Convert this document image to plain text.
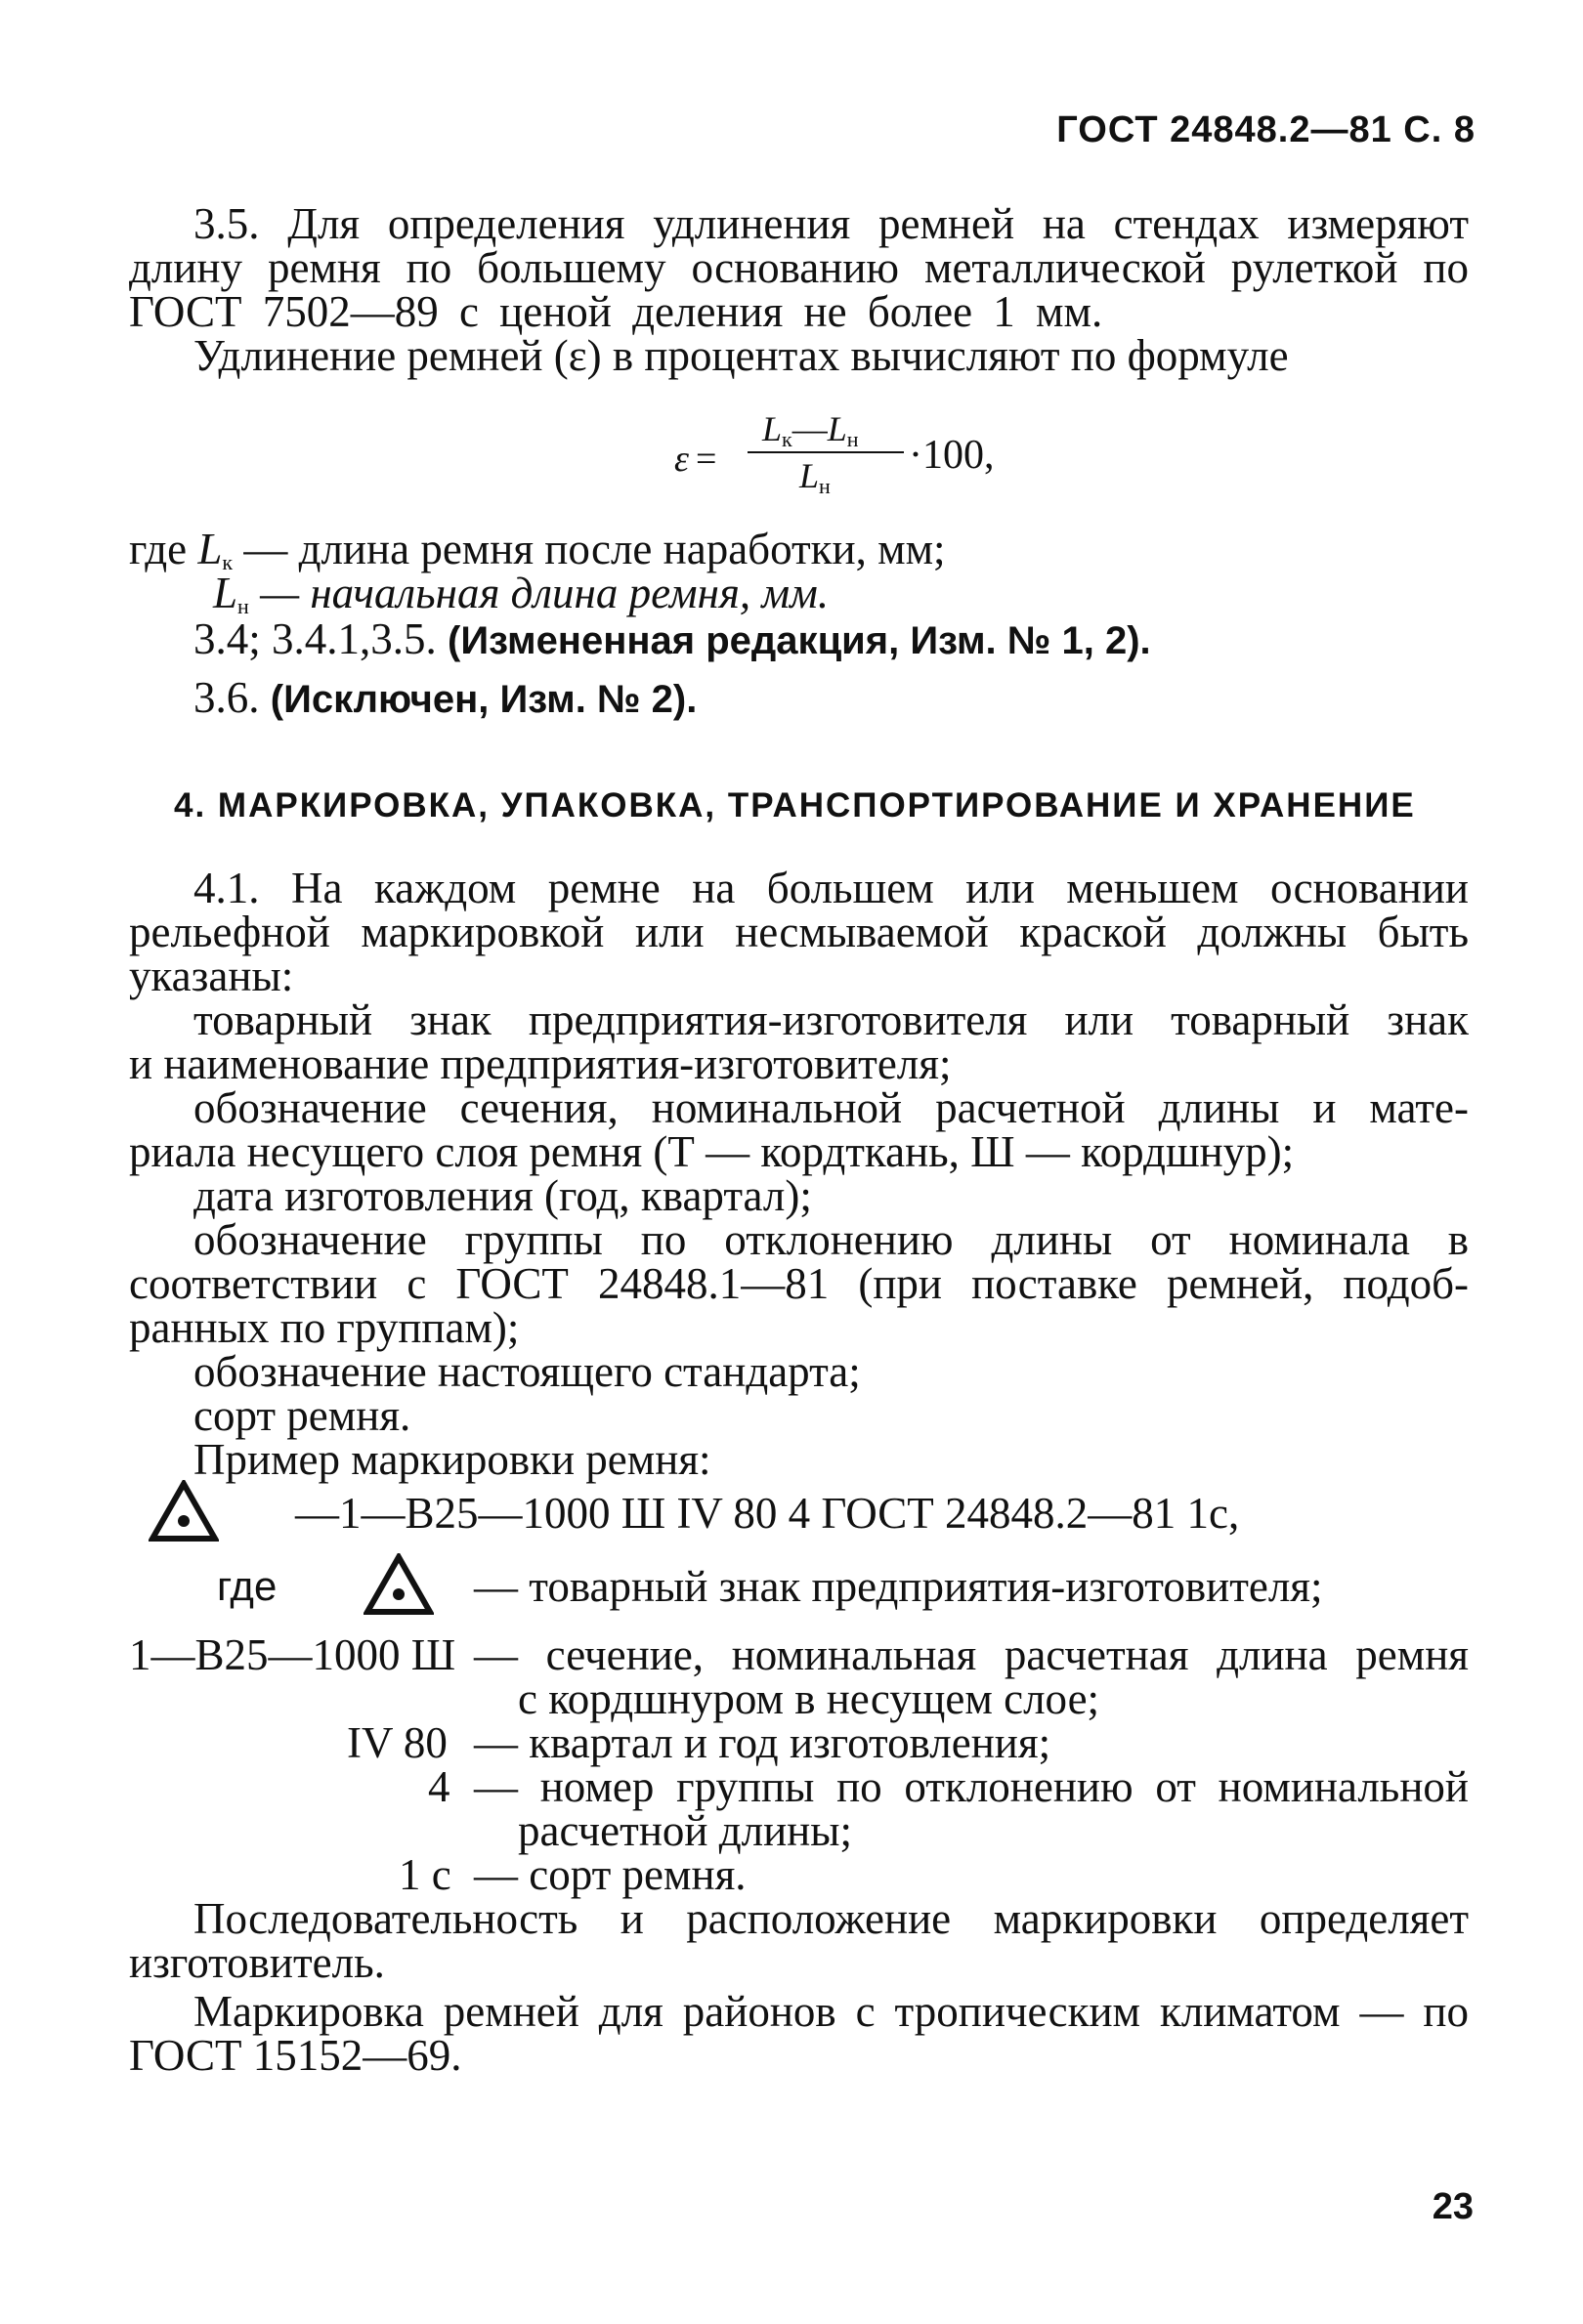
ГОСТ 24848.2—81 С. 8
3.5. Для определения удлинения ремней на стендах измеряют
длину ремня по большему основанию металлической рулеткой по
ГОСТ 7502—89 с ценой деления не более 1 мм.
Удлинение ремней (ε) в процентах вычисляют по формуле
ε =
$L_к—L_н$
$L_н$
·100,
где $L_к$ — длина ремня после наработки, мм;
$L_н$ — начальная длина ремня, мм.
3.4; 3.4.1,3.5. (Измененная редакция, Изм. № 1, 2).
3.6. (Исключен, Изм. № 2).
4. МАРКИРОВКА, УПАКОВКА, ТРАНСПОРТИРОВАНИЕ И ХРАНЕНИЕ
4.1. На каждом ремне на большем или меньшем основании
рельефной маркировкой или несмываемой краской должны быть
указаны:
товарный знак предприятия-изготовителя или товарный знак
и наименование предприятия-изготовителя;
обозначение сечения, номинальной расчетной длины и мате-
риала несущего слоя ремня (Т — кордткань, Ш — кордшнур);
дата изготовления (год, квартал);
обозначение группы по отклонению длины от номинала в
соответствии с ГОСТ 24848.1—81 (при поставке ремней, подоб-
ранных по группам);
обозначение настоящего стандарта;
сорт ремня.
Пример маркировки ремня:
—1—В25—1000 Ш IV 80 4 ГОСТ 24848.2—81 1с,
где	— товарный знак предприятия-изготовителя;
1—В25—1000 Ш — сечение, номинальная расчетная длина ремня
с кордшнуром в несущем слое;
IV 80 — квартал и год изготовления;
4 — номер группы по отклонению от номинальной
расчетной длины;
1 с — сорт ремня.
Последовательность и расположение маркировки определяет
изготовитель.
Маркировка ремней для районов с тропическим климатом — по
ГОСТ 15152—69.
23
